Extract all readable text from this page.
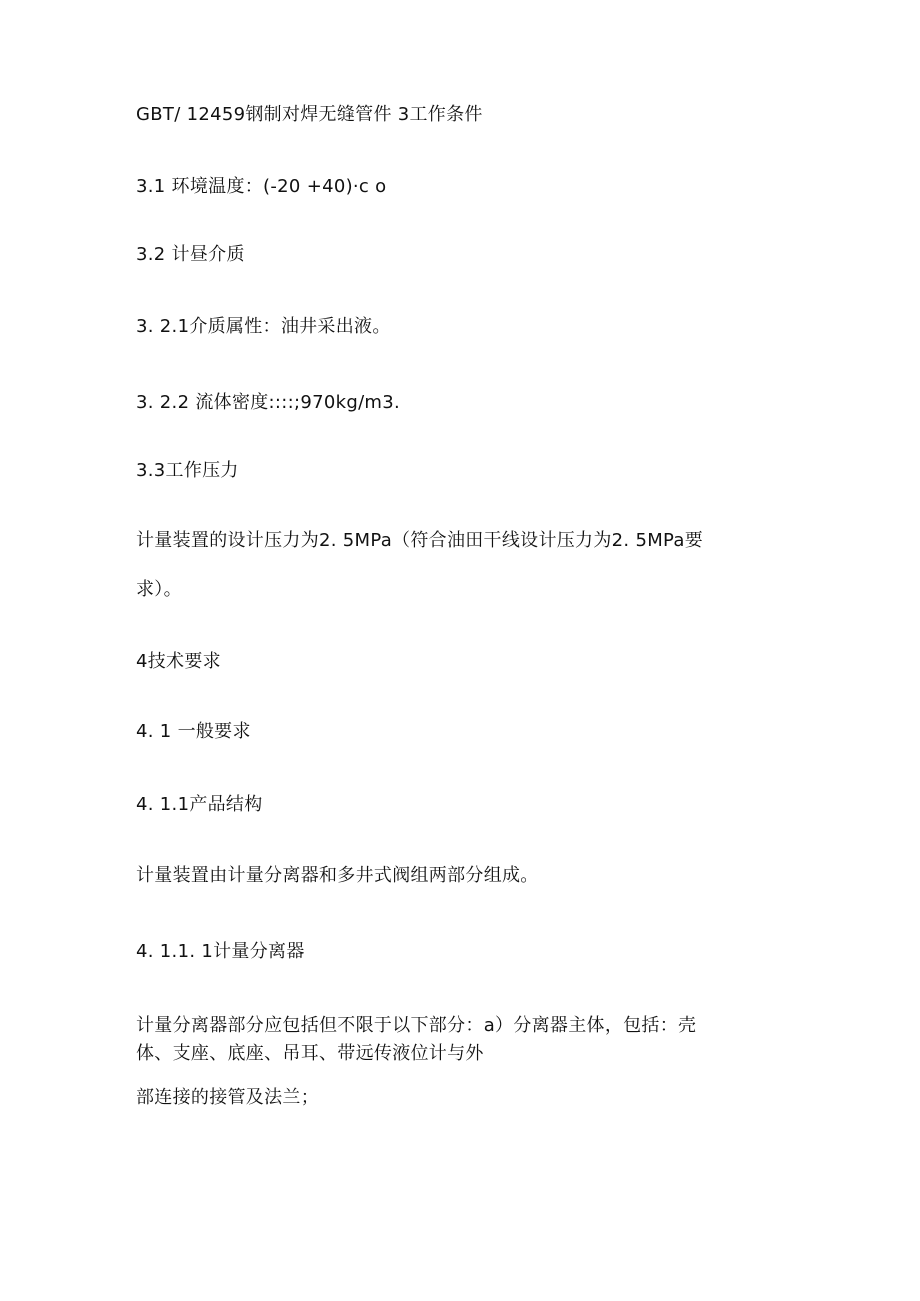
GBT/ 12459钢制对焊无缝管件 3工作条件
3.1 环境温度：(-20 +40)·c o
3.2 计昼介质
3. 2.1介质属性：油井采出液。
3. 2.2 流体密度::::;970kg/m3.
3.3工作压力
计量装置的设计压力为2. 5MPa（符合油田干线设计压力为2. 5MPa要
求）。
4技术要求
4. 1 一般要求
4. 1.1产品结构
计量装置由计量分离器和多井式阀组两部分组成。
4. 1.1. 1计量分离器
计量分离器部分应包括但不限于以下部分：a）分离器主体，包括：壳
体、支座、底座、吊耳、带远传液位计与外
部连接的接管及法兰；
